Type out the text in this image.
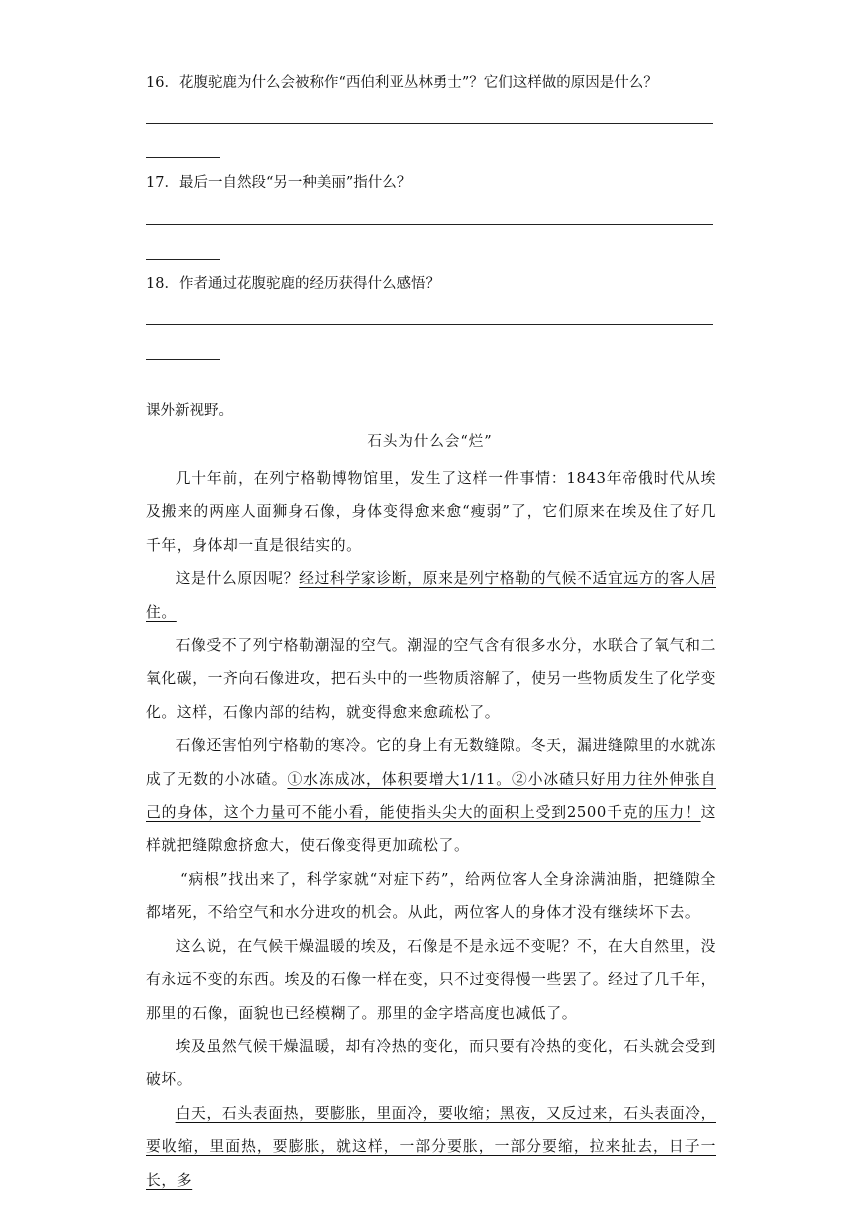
16．花腹驼鹿为什么会被称作“西伯利亚丛林勇士”？它们这样做的原因是什么？
17．最后一自然段“另一种美丽”指什么？
18．作者通过花腹驼鹿的经历获得什么感悟？
课外新视野。
石头为什么会“烂”

几十年前，在列宁格勒博物馆里，发生了这样一件事情：1843年帝俄时代从埃及搬来的两座人面狮身石像，身体变得愈来愈“瘦弱”了，它们原来在埃及住了好几千年，身体却一直是很结实的。

这是什么原因呢？经过科学家诊断，原来是列宁格勒的气候不适宜远方的客人居住。

石像受不了列宁格勒潮湿的空气。潮湿的空气含有很多水分，水联合了氧气和二氧化碳，一齐向石像进攻，把石头中的一些物质溶解了，使另一些物质发生了化学变化。这样，石像内部的结构，就变得愈来愈疏松了。

石像还害怕列宁格勒的寒冷。它的身上有无数缝隙。冬天，漏进缝隙里的水就冻成了无数的小冰碴。①水冻成冰，体积要增大1/11。②小冰碴只好用力往外伸张自己的身体，这个力量可不能小看，能使指头尖大的面积上受到2500千克的压力！这样就把缝隙愈挤愈大，使石像变得更加疏松了。

“病根”找出来了，科学家就“对症下药”，给两位客人全身涂满油脂，把缝隙全都堵死，不给空气和水分进攻的机会。从此，两位客人的身体才没有继续坏下去。

这么说，在气候干燥温暖的埃及，石像是不是永远不变呢？不，在大自然里，没有永远不变的东西。埃及的石像一样在变，只不过变得慢一些罢了。经过了几千年，那里的石像，面貌也已经模糊了。那里的金字塔高度也减低了。

埃及虽然气候干燥温暖，却有冷热的变化，而只要有冷热的变化，石头就会受到破坏。

白天，石头表面热，要膨胀，里面冷，要收缩；黑夜，又反过来，石头表面冷，要收缩，里面热，要膨胀，就这样，一部分要胀，一部分要缩，拉来扯去，日子一长，多
